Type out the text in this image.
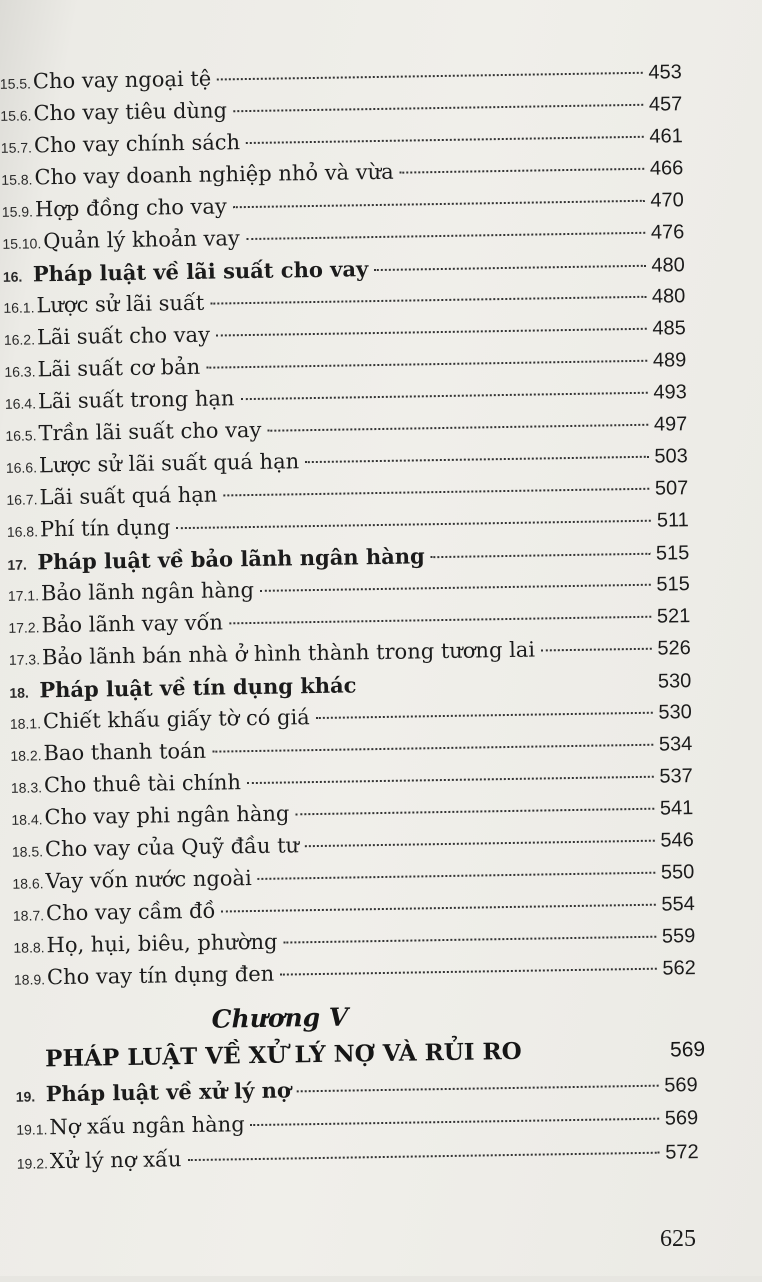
15.5. Cho vay ngoại tệ	453
15.6. Cho vay tiêu dùng	457
15.7. Cho vay chính sách	461
15.8. Cho vay doanh nghiệp nhỏ và vừa	466
15.9. Hợp đồng cho vay	470
15.10. Quản lý khoản vay	476
16. Pháp luật về lãi suất cho vay	480
16.1. Lược sử lãi suất	480
16.2. Lãi suất cho vay	485
16.3. Lãi suất cơ bản	489
16.4. Lãi suất trong hạn	493
16.5. Trần lãi suất cho vay	497
16.6. Lược sử lãi suất quá hạn	503
16.7. Lãi suất quá hạn	507
16.8. Phí tín dụng	511
17. Pháp luật về bảo lãnh ngân hàng	515
17.1. Bảo lãnh ngân hàng	515
17.2. Bảo lãnh vay vốn	521
17.3. Bảo lãnh bán nhà ở hình thành trong tương lai	526
18. Pháp luật về tín dụng khác	530
18.1. Chiết khấu giấy tờ có giá	530
18.2. Bao thanh toán	534
18.3. Cho thuê tài chính	537
18.4. Cho vay phi ngân hàng	541
18.5. Cho vay của Quỹ đầu tư	546
18.6. Vay vốn nước ngoài	550
18.7. Cho vay cầm đồ	554
18.8. Họ, hụi, biêu, phường	559
18.9. Cho vay tín dụng đen	562
Chương V
PHÁP LUẬT VỀ XỬ LÝ NỢ VÀ RỦI RO	569
19. Pháp luật về xử lý nợ	569
19.1. Nợ xấu ngân hàng	569
19.2. Xử lý nợ xấu	572
625
